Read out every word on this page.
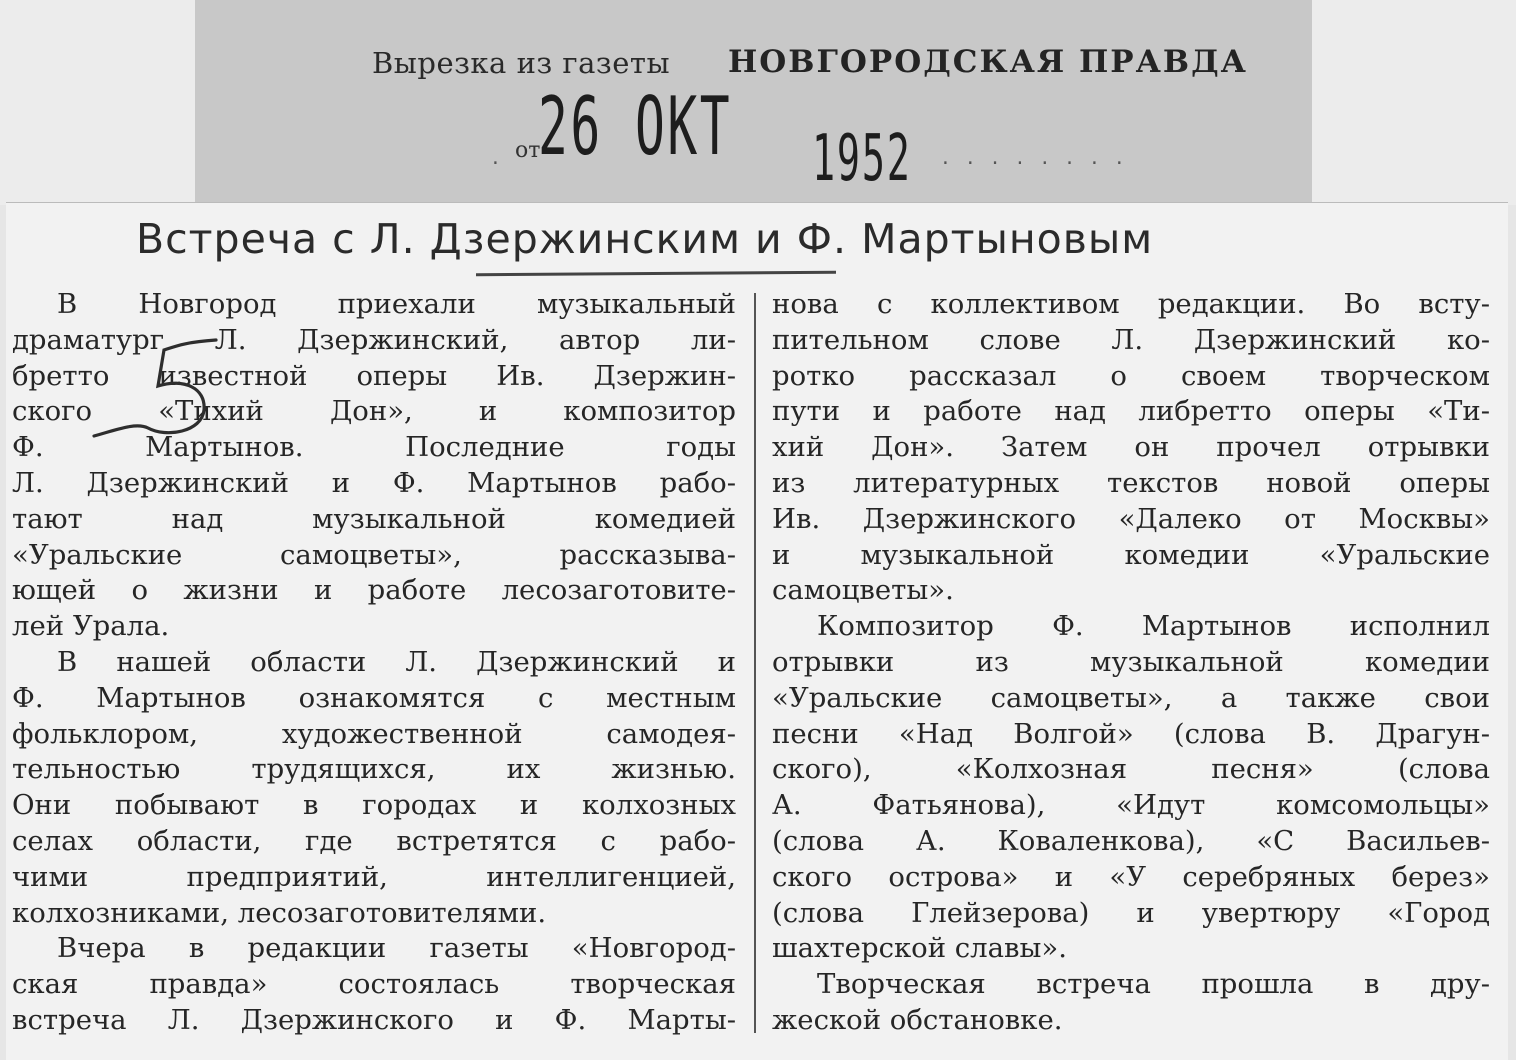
Вырезка из газеты НОВГОРОДСКАЯ ПРАВДА
от
26 ОКТ 1952
.	........
Встреча с Л. Дзержинским и Ф. Мартыновым
В Новгород приехали музыкальный
драматург Л. Дзержинский, автор ли-
бретто известной оперы Ив. Дзержин-
ского «Тихий Дон», и композитор
Ф. Мартынов. Последние годы
Л. Дзержинский и Ф. Мартынов рабо-
тают над музыкальной комедией
«Уральские самоцветы», рассказыва-
ющей о жизни и работе лесозаготовите-
лей Урала.
В нашей области Л. Дзержинский и
Ф. Мартынов ознакомятся с местным
фольклором, художественной самодея-
тельностью трудящихся, их жизнью.
Они побывают в городах и колхозных
селах области, где встретятся с рабо-
чими предприятий, интеллигенцией,
колхозниками, лесозаготовителями.
Вчера в редакции газеты «Новгород-
ская правда» состоялась творческая
встреча Л. Дзержинского и Ф. Марты-
нова с коллективом редакции. Во всту-
пительном слове Л. Дзержинский ко-
ротко рассказал о своем творческом
пути и работе над либретто оперы «Ти-
хий Дон». Затем он прочел отрывки
из литературных текстов новой оперы
Ив. Дзержинского «Далеко от Москвы»
и музыкальной комедии «Уральские
самоцветы».
Композитор Ф. Мартынов исполнил
отрывки из музыкальной комедии
«Уральские самоцветы», а также свои
песни «Над Волгой» (слова В. Драгун-
ского), «Колхозная песня» (слова
А. Фатьянова), «Идут комсомольцы»
(слова А. Коваленкова), «С Васильев-
ского острова» и «У серебряных берез»
(слова Глейзерова) и увертюру «Город
шахтерской славы».
Творческая встреча прошла в дру-
жеской обстановке.
